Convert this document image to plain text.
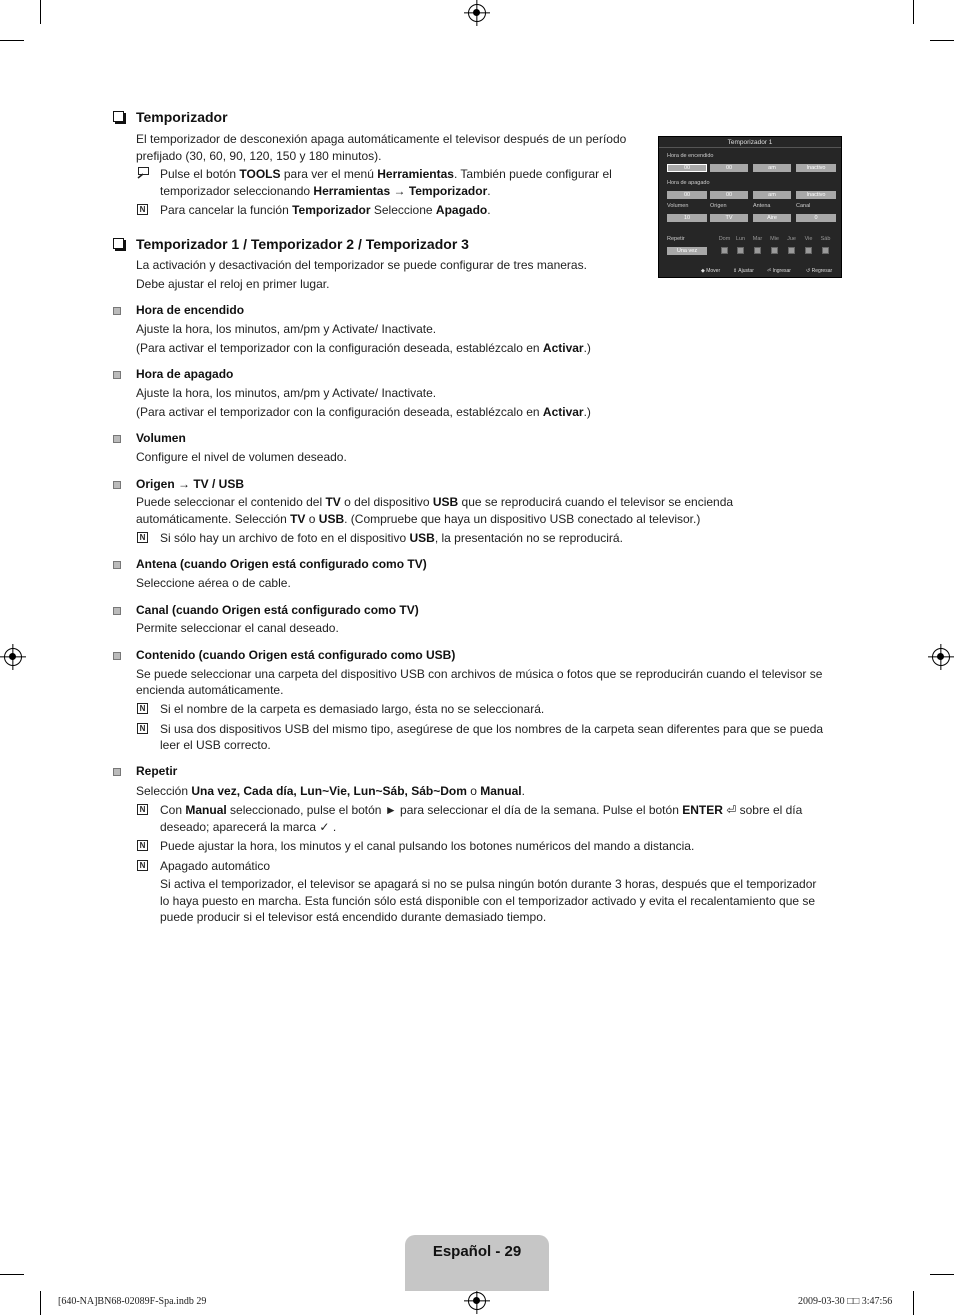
Temporizador
El temporizador de desconexión apaga automáticamente el televisor después de un período
prefijado (30, 60, 90, 120, 150 y 180 minutos).
Pulse el botón TOOLS para ver el menú Herramientas. También puede configurar el
temporizador seleccionando Herramientas → Temporizador.
N Para cancelar la función Temporizador Seleccione Apagado.
Temporizador 1 / Temporizador 2 / Temporizador 3
La activación y desactivación del temporizador se puede configurar de tres maneras.
Debe ajustar el reloj en primer lugar.
Hora de encendido
Ajuste la hora, los minutos, am/pm y Activate/ Inactivate.
(Para activar el temporizador con la configuración deseada, establézcalo en Activar.)
Hora de apagado
Ajuste la hora, los minutos, am/pm y Activate/ Inactivate.
(Para activar el temporizador con la configuración deseada, establézcalo en Activar.)
Volumen
Configure el nivel de volumen deseado.
Origen → TV / USB
Puede seleccionar el contenido del TV o del dispositivo USB que se reproducirá cuando el televisor se encienda
automáticamente. Selección TV o USB. (Compruebe que haya un dispositivo USB conectado al televisor.)
N Si sólo hay un archivo de foto en el dispositivo USB, la presentación no se reproducirá.
Antena (cuando Origen está configurado como TV)
Seleccione aérea o de cable.
Canal (cuando Origen está configurado como TV)
Permite seleccionar el canal deseado.
Contenido (cuando Origen está configurado como USB)
Se puede seleccionar una carpeta del dispositivo USB con archivos de música o fotos que se reproducirán cuando el televisor se
encienda automáticamente.
N Si el nombre de la carpeta es demasiado largo, ésta no se seleccionará.
N Si usa dos dispositivos USB del mismo tipo, asegúrese de que los nombres de la carpeta sean diferentes para que se pueda
leer el USB correcto.
Repetir
Selección Una vez, Cada día, Lun~Vie, Lun~Sáb, Sáb~Dom o Manual.
N Con Manual seleccionado, pulse el botón ► para seleccionar el día de la semana. Pulse el botón ENTER ⏎ sobre el día
deseado; aparecerá la marca ✓ .
N Puede ajustar la hora, los minutos y el canal pulsando los botones numéricos del mando a distancia.
N Apagado automático
Si activa el temporizador, el televisor se apagará si no se pulsa ningún botón durante 3 horas, después que el temporizador
lo haya puesto en marcha. Esta función sólo está disponible con el temporizador activado y evita el recalentamiento que se
puede producir si el televisor está encendido durante demasiado tiempo.
Temporizador 1
Hora de encendido
00	00	am	Inactivo
Hora de apagado
00	00	am	Inactivo
Volumen	Origen	Antena	Canal
10	TV	Aire	0
Repetir
Una vez
Dom	Lun	Mar	Mie	Jue	Vie	Sáb
◆ Mover	⇕ Ajustar	⏎ Ingresar	↺ Regresar
Español - 29
[640-NA]BN68-02089F-Spa.indb 29	2009-03-30 □□ 3:47:56
